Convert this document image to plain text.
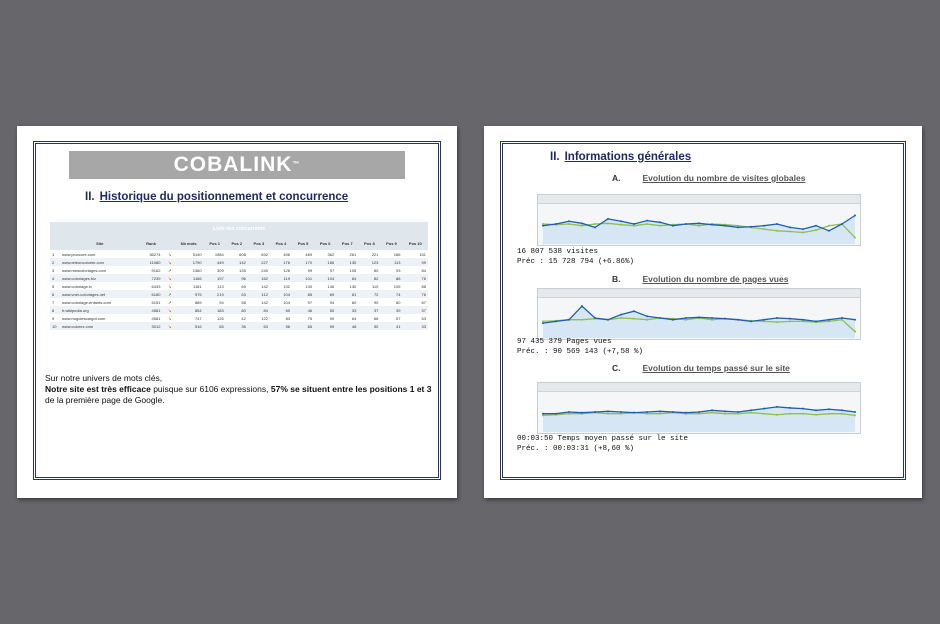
COBALINK™
II. Historique du positionnement et concurrence
Liste des concurrents														
	Site	Rank		Nb mots	Pos 1	Pos 2	Pos 3	Pos 4	Pos 5	Pos 6	Pos 7	Pos 8	Pos 9	Pos 10
1	www.jeuxcore.com	36274	↘	5140	1984	608	692	496	469	362	261	221	186	151
2	www.teleuncolorier.com	11080	↘	1790	449	142	227	176	170	166	130	123	113	99
3	www.mescoloriages.com	9162	↗	1360	309	135	245	126	99	97	105	80	93	84
4	www.coloriages.biz	7239	↘	1166	197	96	162	119	101	104	84	82	88	76
5	www.coloriage.tv	6433	↘	1181	113	65	142	132	130	146	130	110	105	88
6	www.vnei-coloriages.net	6180	↗	975	219	63	112	104	85	69	81	72	74	76
7	www.coloriage-enfants.com	5151	↗	889	94	58	142	104	97	94	80	90	80	67
8	fr.wikipedia.org	4581	↘	854	183	80	84	65	46	50	33	37	39	37
9	www.hugolescargot.com	4581	↘	747	126	42	122	83	75	59	64	66	57	53
10	www.colorez.com	3012	↘	516	65	36	63	56	65	59	48	50	41	33
Sur notre univers de mots clés,
Notre site est très efficace puisque sur 6106 expressions, 57% se situent entre les positions 1 et 3 de la première page de Google.
II. Informations générales
A.	Evolution du nombre de visites globales
16 807 538 visites
Préc : 15 728 794 (+6.86%)
B.	Evolution du nombre de pages vues
97 435 379 Pages vues
Préc. : 90 569 143 (+7,58 %)
C.	Evolution du temps passé sur le site
00:03:50 Temps moyen passé sur le site
Préc. : 00:03:31 (+8,60 %)
